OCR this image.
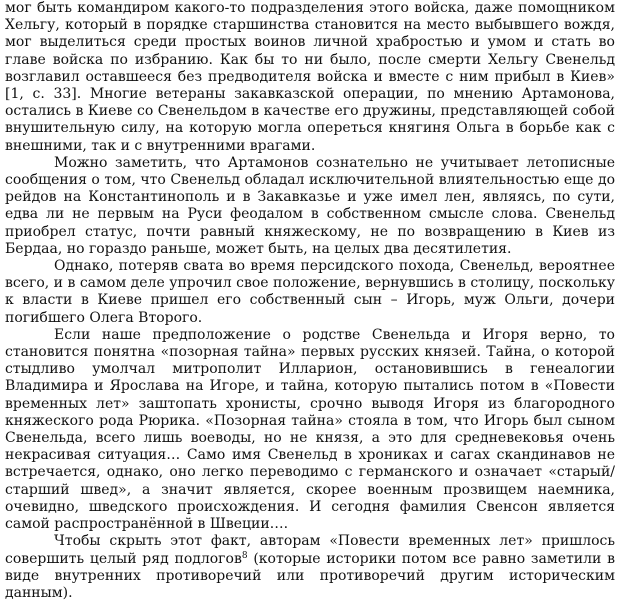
мог быть командиром какого-то подразделения этого войска, даже помощником Хельгу, который в порядке старшинства становится на место выбывшего вождя, мог выделиться среди простых воинов личной храбростью и умом и стать во главе войска по избранию. Как бы то ни было, после смерти Хельгу Свенельд возглавил оставшееся без предводителя войска и вместе с ним прибыл в Киев» [1, с. 33]. Многие ветераны закавказской операции, по мнению Артамонова, остались в Киеве со Свенельдом в качестве его дружины, представляющей собой внушительную силу, на которую могла опереться княгиня Ольга в борьбе как с внешними, так и с внутренними врагами.

Можно заметить, что Артамонов сознательно не учитывает летописные сообщения о том, что Свенельд обладал исключительной влиятельностью еще до рейдов на Константинополь и в Закавказье и уже имел лен, являясь, по сути, едва ли не первым на Руси феодалом в собственном смысле слова. Свенельд приобрел статус, почти равный княжескому, не по возвращению в Киев из Бердаа, но гораздо раньше, может быть, на целых два десятилетия.

Однако, потеряв свата во время персидского похода, Свенельд, вероятнее всего, и в самом деле упрочил свое положение, вернувшись в столицу, поскольку к власти в Киеве пришел его собственный сын – Игорь, муж Ольги, дочери погибшего Олега Второго.

Если наше предположение о родстве Свенельда и Игоря верно, то становится понятна «позорная тайна» первых русских князей. Тайна, о которой стыдливо умолчал митрополит Илларион, остановившись в генеалогии Владимира и Ярослава на Игоре, и тайна, которую пытались потом в «Повести временных лет» заштопать хронисты, срочно выводя Игоря из благородного княжеского рода Рюрика. «Позорная тайна» стояла в том, что Игорь был сыном Свенельда, всего лишь воеводы, но не князя, а это для средневековья очень некрасивая ситуация… Само имя Свенельд в хрониках и сагах скандинавов не встречается, однако, оно легко переводимо с германского и означает «старый/старший швед», а значит является, скорее военным прозвищем наемника, очевидно, шведского происхождения. И сегодня фамилия Свенсон является самой распространённой в Швеции….

Чтобы скрыть этот факт, авторам «Повести временных лет» пришлось совершить целый ряд подлогов$^8$ (которые историки потом все равно заметили в виде внутренних противоречий или противоречий другим историческим данным).
